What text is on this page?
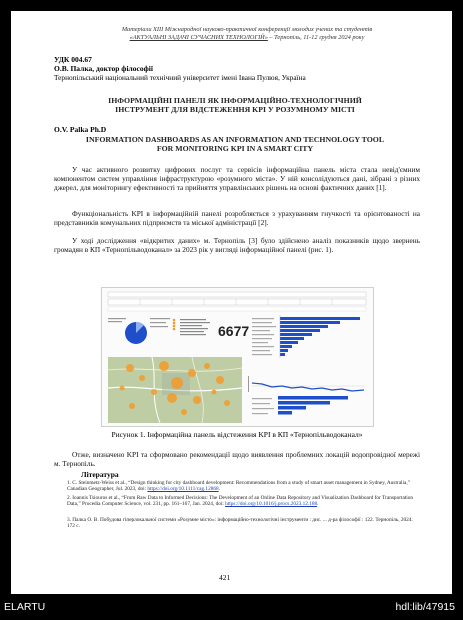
Матеріали XIII Міжнародної науково-практичної конференції молодих учених та студентів
«АКТУАЛЬНІ ЗАДАЧІ СУЧАСНИХ ТЕХНОЛОГІЙ» – Тернопіль, 11-12 грудня 2024 року
УДК 004.67
О.В. Палка, доктор філософії
Тернопільський національний технічний університет імені Івана Пулюя, Україна
ІНФОРМАЦІЙНІ ПАНЕЛІ ЯК ІНФОРМАЦІЙНО-ТЕХНОЛОГІЧНИЙ
ІНСТРУМЕНТ ДЛЯ ВІДСТЕЖЕННЯ KPI У РОЗУМНОМУ МІСТІ
O.V. Palka Ph.D
INFORMATION DASHBOARDS AS AN INFORMATION AND TECHNOLOGY TOOL
FOR MONITORING KPI IN A SMART CITY
У час активного розвитку цифрових послуг та сервісів інформаційна панель міста стала невід'ємним компонентом систем управління інфраструктурою «розумного міста». У ній консолідуються дані, зібрані з різних джерел, для моніторингу ефективності та прийняття управлінських рішень на основі фактичних даних [1].
Функціональність KPI в інформаційній панелі розробляється з урахуванням гнучкості та орієнтованості на представників комунальних підприємств та міської адміністрації [2].
У ході дослідження «відкритих даних» м. Тернопіль [3] було здійснено аналіз показників щодо звернень громадян в КП «Тернопільводоканал» за 2023 рік у вигляді інформаційної панелі (рис. 1).
6677
Рисунок 1. Інформаційна панель відстеження KPI в КП «Тернопільводоканал»
Отже, визначено KPI та сформовано рекомендації щодо виявлення проблемних локацій водопровідної мережі м. Тернопіль.
Література
1. C. Steinmetz-Weiss et al., “Design thinking for city dashboard development: Recommendations from a study of smart asset management in Sydney, Australia,” Canadian Geographer, Jul. 2023, doi: https://doi.org/10.1111/cag.12868.
2. Ioannis Tsiouros et al., “From Raw Data to Informed Decisions: The Development of an Online Data Repository and Visualization Dashboard for Transportation Data,” Procedia Computer Science, vol. 231, pp. 161–167, Jan. 2024, doi: https://doi.org/10.1016/j.procs.2023.12.188.
3. Палка О. В. Побудова гіперлокальної системи «Розумне місто»: інформаційно-технологічні інструменти : дис. ... д-ра філософії : 122. Тернопіль, 2024. 172 с.
421
ELARTU	hdl:lib/47915
